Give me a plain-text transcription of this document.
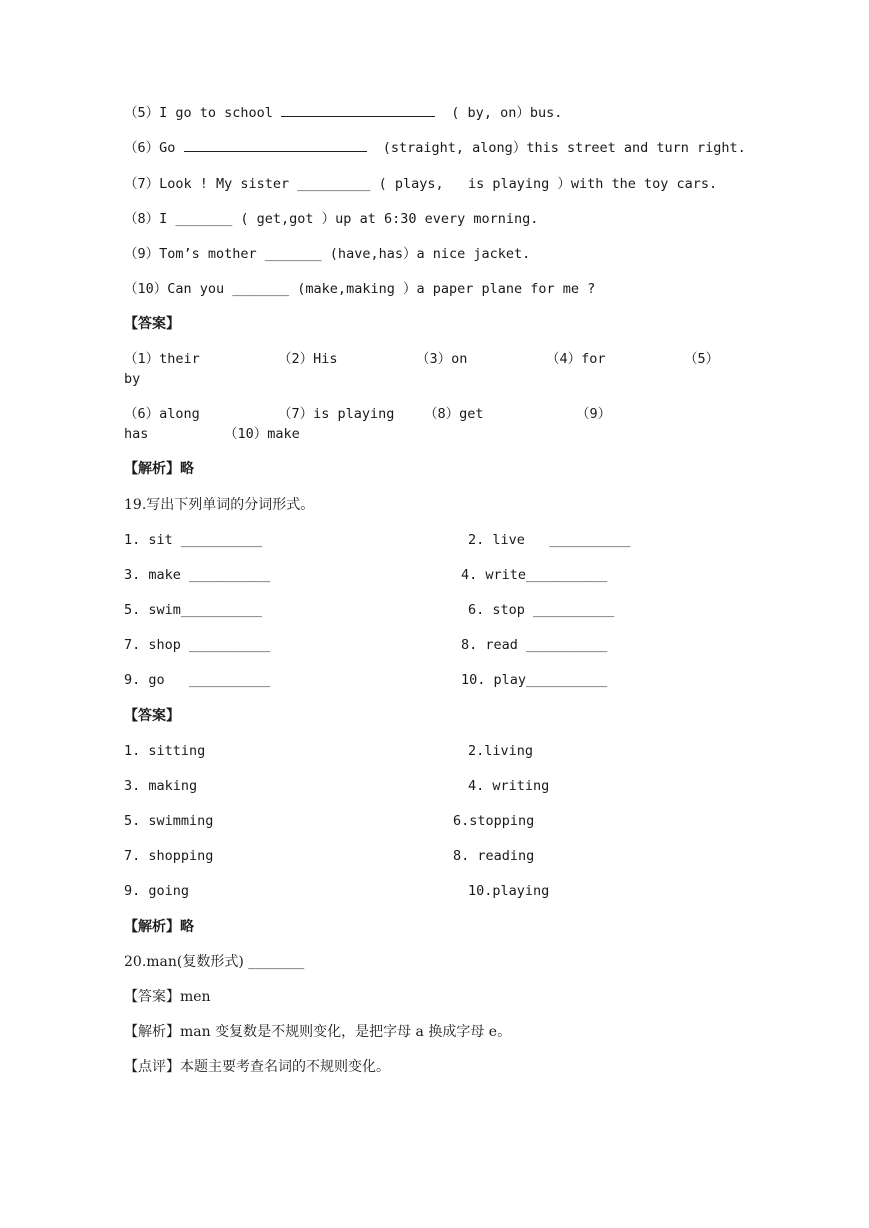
（5）I go to school	( by, on）bus.
（6）Go	(straight, along）this street and turn right.
（7）Look ! My sister _________ ( plays,   is playing ）with the toy cars.
（8）I _______ ( get,got ）up at 6:30 every morning.
（9）Tom’s mother _______ (have,has）a nice jacket.
（10）Can you _______ (make,making ）a paper plane for me ?
【答案】
（1）their	（2）His	（3）on	（4）for	（5）
by
（6）along	（7）is playing （8）get	（9）
has	（10）make
【解析】略
19.写出下列单词的分词形式。
1. sit __________	2. live   __________
3. make __________	4. write__________
5. swim__________	6. stop __________
7. shop __________	8. read __________
9. go   __________	10. play__________
【答案】
1. sitting	2.living
3. making	4. writing
5. swimming	6.stopping
7. shopping	8. reading
9. going	10.playing
【解析】略
20.man(复数形式) ________
【答案】men
【解析】man 变复数是不规则变化，是把字母 a 换成字母 e。
【点评】本题主要考查名词的不规则变化。
